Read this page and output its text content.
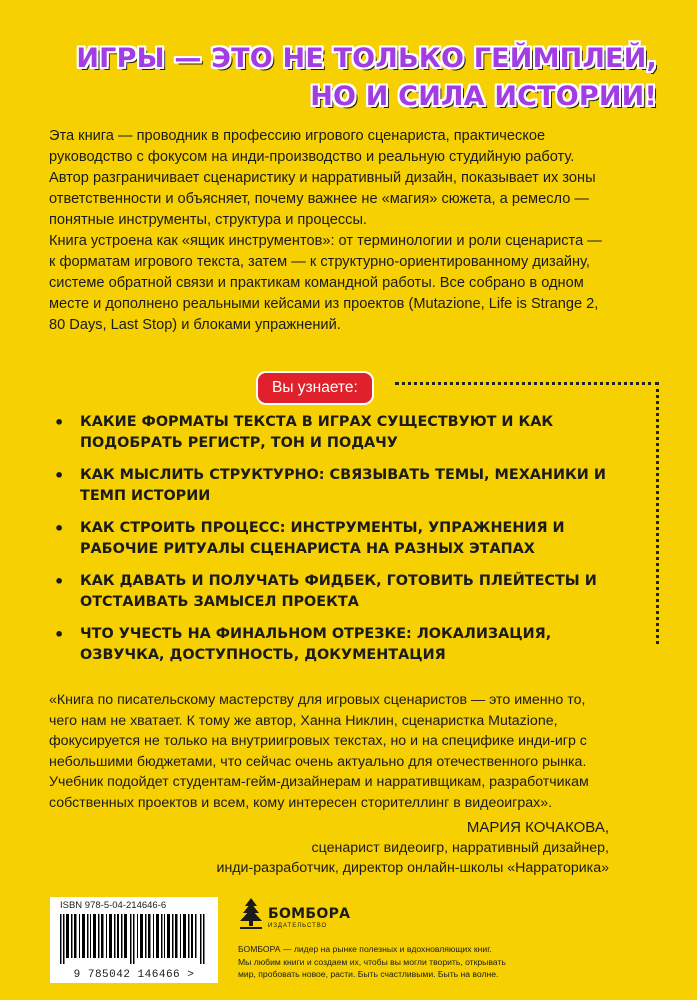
ИГРЫ — ЭТО НЕ ТОЛЬКО ГЕЙМПЛЕЙ,
НО И СИЛА ИСТОРИИ!

Эта книга — проводник в профессию игрового сценариста, практическое руководство с фокусом на инди-производство и реальную студийную работу. Автор разграничивает сценаристику и нарративный дизайн, показывает их зоны ответственности и объясняет, почему важнее не «магия» сюжета, а ремесло — понятные инструменты, структура и процессы.

Книга устроена как «ящик инструментов»: от терминологии и роли сценариста — к форматам игрового текста, затем — к структурно-ориентированному дизайну, системе обратной связи и практикам командной работы. Все собрано в одном месте и дополнено реальными кейсами из проектов (Mutazione, Life is Strange 2, 80 Days, Last Stop) и блоками упражнений.

Вы узнаете:
• КАКИЕ ФОРМАТЫ ТЕКСТА В ИГРАХ СУЩЕСТВУЮТ И КАК ПОДОБРАТЬ РЕГИСТР, ТОН И ПОДАЧУ
• КАК МЫСЛИТЬ СТРУКТУРНО: СВЯЗЫВАТЬ ТЕМЫ, МЕХАНИКИ И ТЕМП ИСТОРИИ
• КАК СТРОИТЬ ПРОЦЕСС: ИНСТРУМЕНТЫ, УПРАЖНЕНИЯ И РАБОЧИЕ РИТУАЛЫ СЦЕНАРИСТА НА РАЗНЫХ ЭТАПАХ
• КАК ДАВАТЬ И ПОЛУЧАТЬ ФИДБЕК, ГОТОВИТЬ ПЛЕЙТЕСТЫ И ОТСТАИВАТЬ ЗАМЫСЕЛ ПРОЕКТА
• ЧТО УЧЕСТЬ НА ФИНАЛЬНОМ ОТРЕЗКЕ: ЛОКАЛИЗАЦИЯ, ОЗВУЧКА, ДОСТУПНОСТЬ, ДОКУМЕНТАЦИЯ
«Книга по писательскому мастерству для игровых сценаристов — это именно то, чего нам не хватает. К тому же автор, Ханна Никлин, сценаристка Mutazione, фокусируется не только на внутриигровых текстах, но и на специфике инди-игр с небольшими бюджетами, что сейчас очень актуально для отечественного рынка. Учебник подойдет студентам-гейм-дизайнерам и нарративщикам, разработчикам собственных проектов и всем, кому интересен сторителлинг в видеоиграх».
МАРИЯ КОЧАКОВА,
сценарист видеоигр, нарративный дизайнер,
инди-разработчик, директор онлайн-школы «Нарраторика»
ISBN 978-5-04-214646-6
9 785042 146466 >
БОМБОРА
ИЗДАТЕЛЬСТВО
БОМБОРА — лидер на рынке полезных и вдохновляющих книг.
Мы любим книги и создаем их, чтобы вы могли творить, открывать
мир, пробовать новое, расти. Быть счастливыми. Быть на волне.
